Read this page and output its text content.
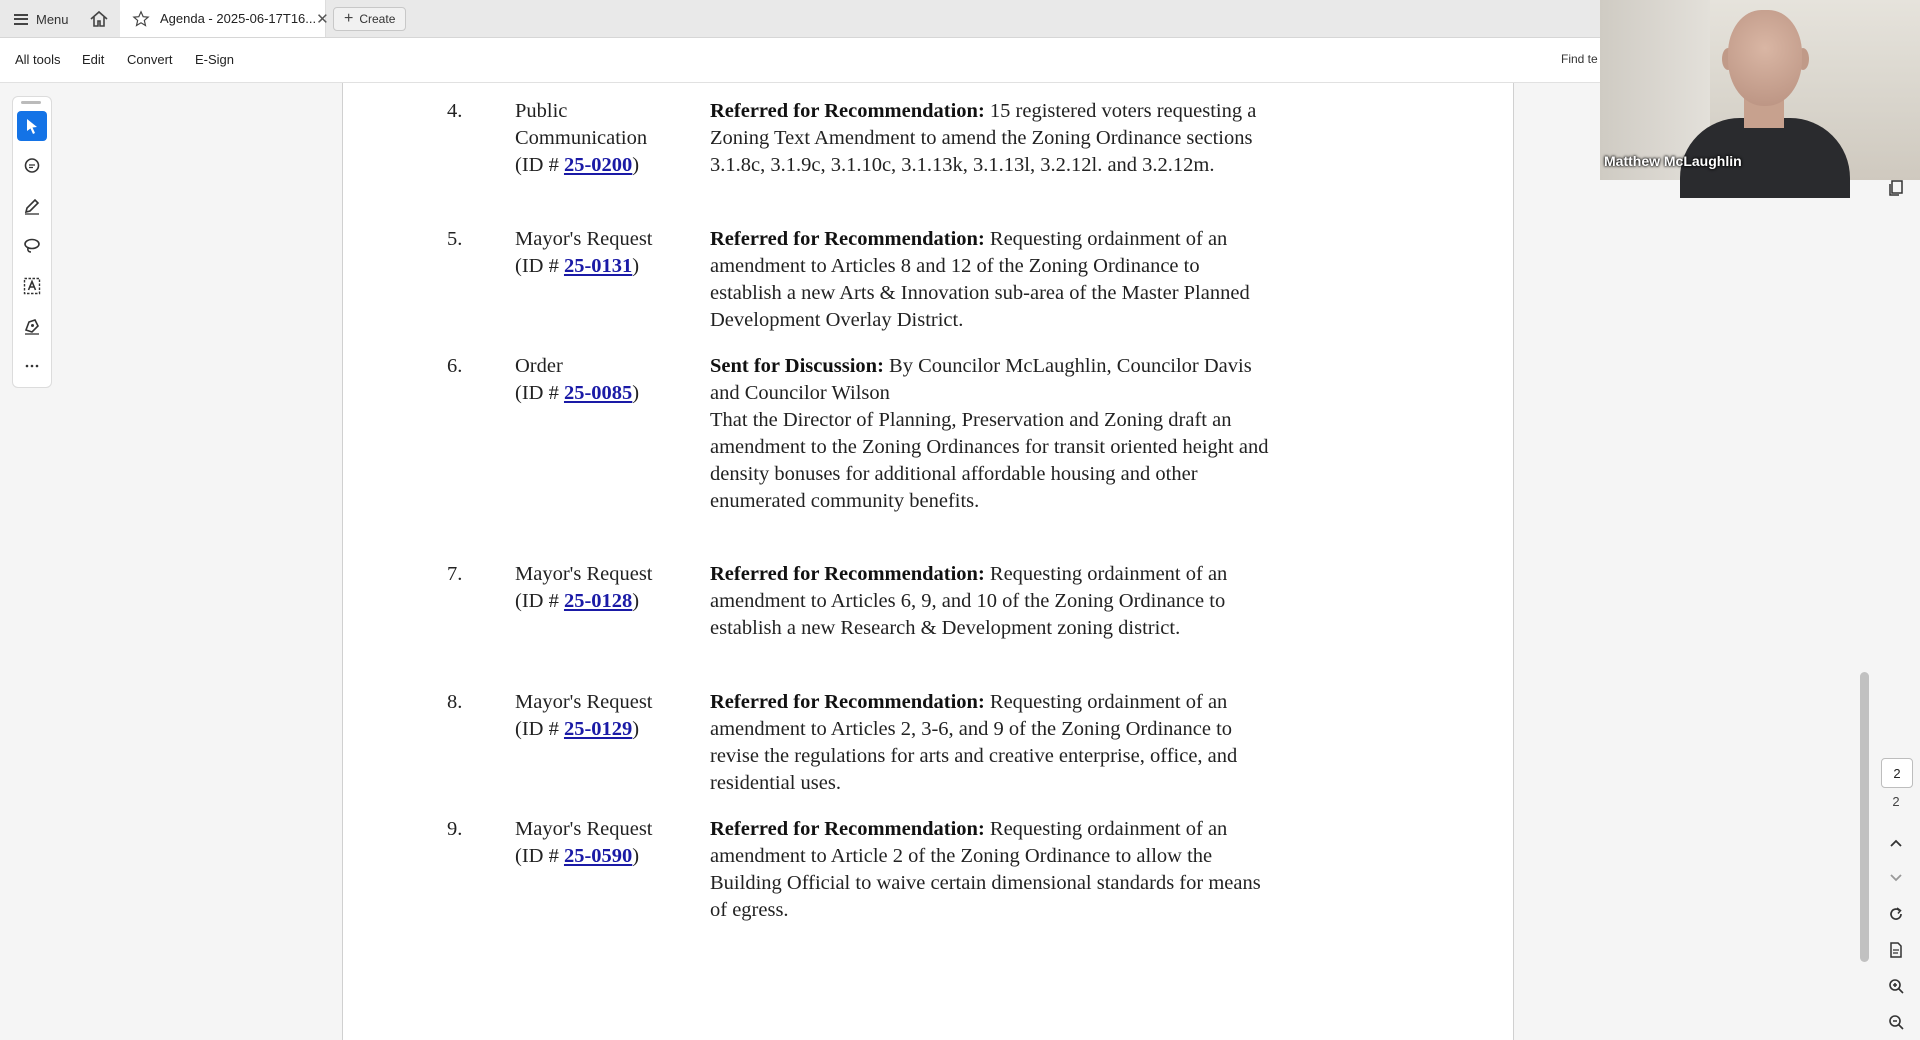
Menu	Agenda - 2025-06-17T16... ✕ + Create
All tools Edit Convert E-Sign	Find te
4.	Public
Communication
(ID # 25-0200)
Referred for Recommendation: 15 registered voters requesting a Zoning Text Amendment to amend the Zoning Ordinance sections 3.1.8c, 3.1.9c, 3.1.10c, 3.1.13k, 3.1.13l, 3.2.12l. and 3.2.12m.
5.	Mayor's Request
(ID # 25-0131)
Referred for Recommendation: Requesting ordainment of an amendment to Articles 8 and 12 of the Zoning Ordinance to establish a new Arts & Innovation sub-area of the Master Planned Development Overlay District.
6.	Order
(ID # 25-0085)
Sent for Discussion: By Councilor McLaughlin, Councilor Davis and Councilor Wilson
That the Director of Planning, Preservation and Zoning draft an amendment to the Zoning Ordinances for transit oriented height and density bonuses for additional affordable housing and other enumerated community benefits.
7.	Mayor's Request
(ID # 25-0128)
Referred for Recommendation: Requesting ordainment of an amendment to Articles 6, 9, and 10 of the Zoning Ordinance to establish a new Research & Development zoning district.
8.	Mayor's Request
(ID # 25-0129)
Referred for Recommendation: Requesting ordainment of an amendment to Articles 2, 3-6, and 9 of the Zoning Ordinance to revise the regulations for arts and creative enterprise, office, and residential uses.
9.	Mayor's Request
(ID # 25-0590)
Referred for Recommendation: Requesting ordainment of an amendment to Article 2 of the Zoning Ordinance to allow the Building Official to waive certain dimensional standards for means of egress.
2
2
Matthew McLaughlin
